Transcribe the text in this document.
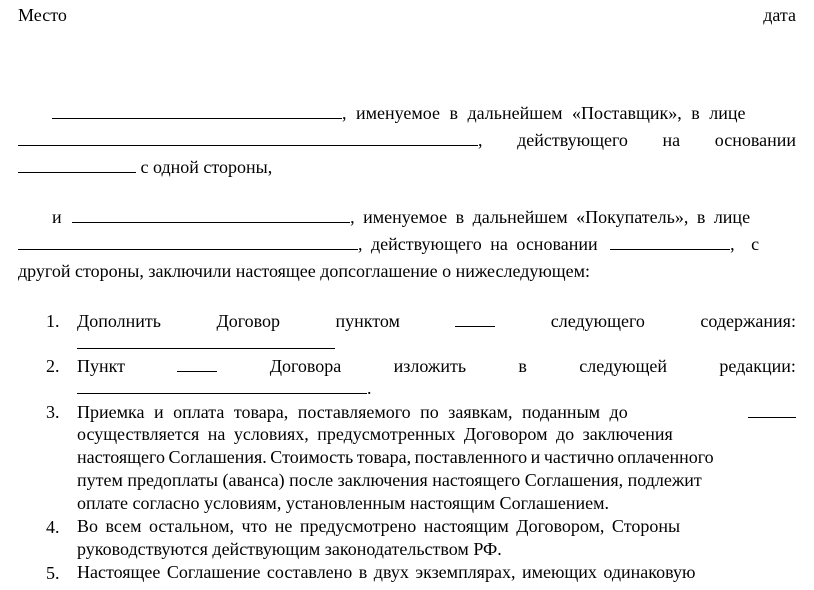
Место	дата
, именуемое в дальнейшем «Поставщик», в лице
, действующего на основании
с одной стороны,
и	, именуемое в дальнейшем «Покупатель», в лице
, действующего на основании	, с
другой стороны, заключили настоящее допсоглашение о нижеследующем:
1. Дополнить	Договор	пунктом	следующего	содержания:
2. Пункт	Договора	изложить	в	следующей	редакции:
.
3. Приемка и оплата товара, поставляемого по заявкам, поданным до
осуществляется на условиях, предусмотренных Договором до заключения
настоящего Соглашения. Стоимость товара, поставленного и частично оплаченного
путем предоплаты (аванса) после заключения настоящего Соглашения, подлежит
оплате согласно условиям, установленным настоящим Соглашением.
4. Во всем остальном, что не предусмотрено настоящим Договором, Стороны
руководствуются действующим законодательством РФ.
5. Настоящее Соглашение составлено в двух экземплярах, имеющих одинаковую
